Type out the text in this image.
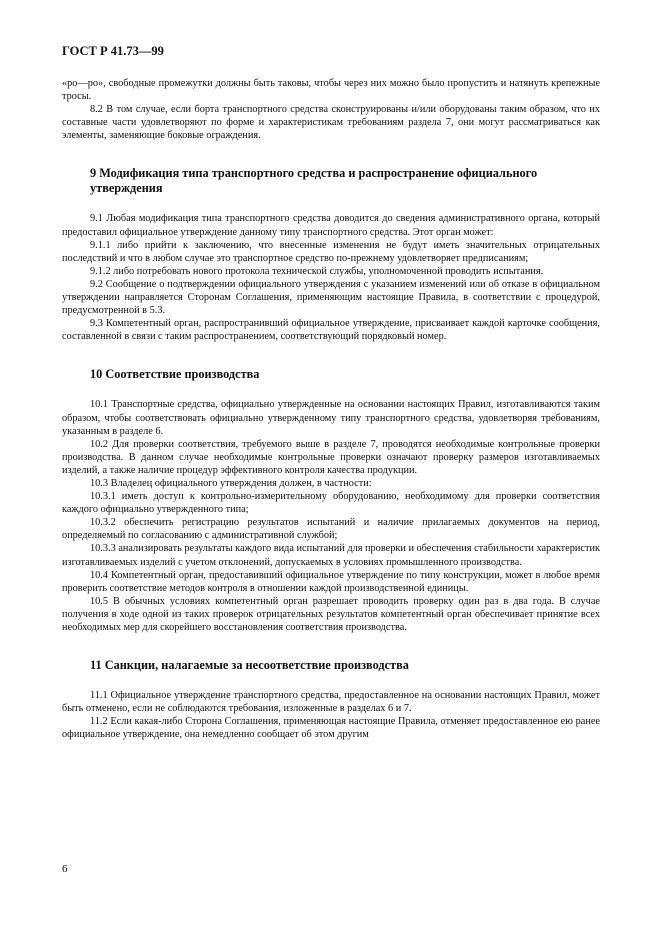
ГОСТ Р 41.73—99

«ро—ро», свободные промежутки должны быть таковы, чтобы через них можно было пропустить и натянуть крепежные тросы.

8.2 В том случае, если борта транспортного средства сконструированы и/или оборудованы таким образом, что их составные части удовлетворяют по форме и характеристикам требованиям раздела 7, они могут рассматриваться как элементы, заменяющие боковые ограждения.

9 Модификация типа транспортного средства и распространение официального утверждения

9.1 Любая модификация типа транспортного средства доводится до сведения административного органа, который предоставил официальное утверждение данному типу транспортного средства. Этот орган может:

9.1.1 либо прийти к заключению, что внесенные изменения не будут иметь значительных отрицательных последствий и что в любом случае это транспортное средство по-прежнему удовлетворяет предписаниям;

9.1.2 либо потребовать нового протокола технической службы, уполномоченной проводить испытания.

9.2 Сообщение о подтверждении официального утверждения с указанием изменений или об отказе в официальном утверждении направляется Сторонам Соглашения, применяющим настоящие Правила, в соответствии с процедурой, предусмотренной в 5.3.

9.3 Компетентный орган, распространивший официальное утверждение, присваивает каждой карточке сообщения, составленной в связи с таким распространением, соответствующий порядковый номер.

10 Соответствие производства

10.1 Транспортные средства, официально утвержденные на основании настоящих Правил, изготавливаются таким образом, чтобы соответствовать официально утвержденному типу транспортного средства, удовлетворяя требованиям, указанным в разделе 6.

10.2 Для проверки соответствия, требуемого выше в разделе 7, проводятся необходимые контрольные проверки производства. В данном случае необходимые контрольные проверки означают проверку размеров изготавливаемых изделий, а также наличие процедур эффективного контроля качества продукции.

10.3 Владелец официального утверждения должен, в частности:

10.3.1 иметь доступ к контрольно-измерительному оборудованию, необходимому для проверки соответствия каждого официально утвержденного типа;

10.3.2 обеспечить регистрацию результатов испытаний и наличие прилагаемых документов на период, определяемый по согласованию с административной службой;

10.3.3 анализировать результаты каждого вида испытаний для проверки и обеспечения стабильности характеристик изготавливаемых изделий с учетом отклонений, допускаемых в условиях промышленного производства.

10.4 Компетентный орган, предоставивший официальное утверждение по типу конструкции, может в любое время проверить соответствие методов контроля в отношении каждой производственной единицы.

10.5 В обычных условиях компетентный орган разрешает проводить проверку один раз в два года. В случае получения в ходе одной из таких проверок отрицательных результатов компетентный орган обеспечивает принятие всех необходимых мер для скорейшего восстановления соответствия производства.

11 Санкции, налагаемые за несоответствие производства

11.1 Официальное утверждение транспортного средства, предоставленное на основании настоящих Правил, может быть отменено, если не соблюдаются требования, изложенные в разделах 6 и 7.

11.2 Если какая-либо Сторона Соглашения, применяющая настоящие Правила, отменяет предоставленное ею ранее официальное утверждение, она немедленно сообщает об этом другим

6
